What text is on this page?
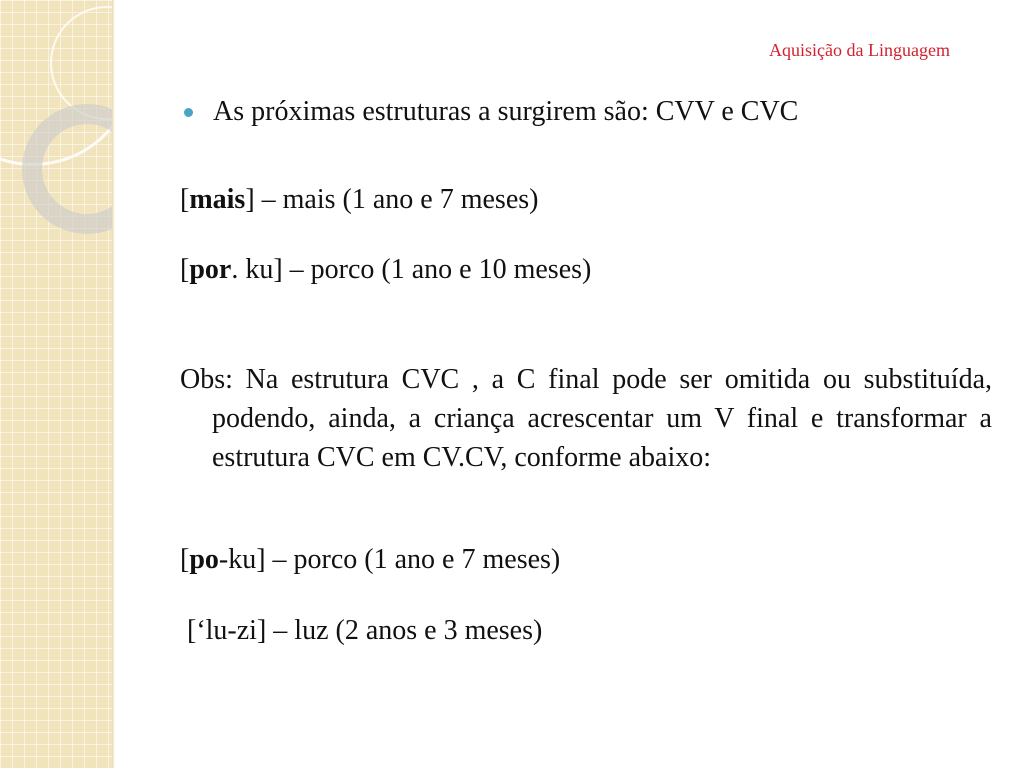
Aquisição da Linguagem
As próximas estruturas a surgirem são: CVV e CVC
[mais] – mais (1 ano e 7 meses)
[por. ku] – porco (1 ano e 10 meses)
Obs: Na estrutura CVC , a C final pode ser omitida ou substituída, podendo, ainda, a criança acrescentar um V final e transformar a estrutura CVC em CV.CV, conforme abaixo:
[po-ku] – porco (1 ano e 7 meses)
[‘lu-zi] – luz (2 anos e 3 meses)
